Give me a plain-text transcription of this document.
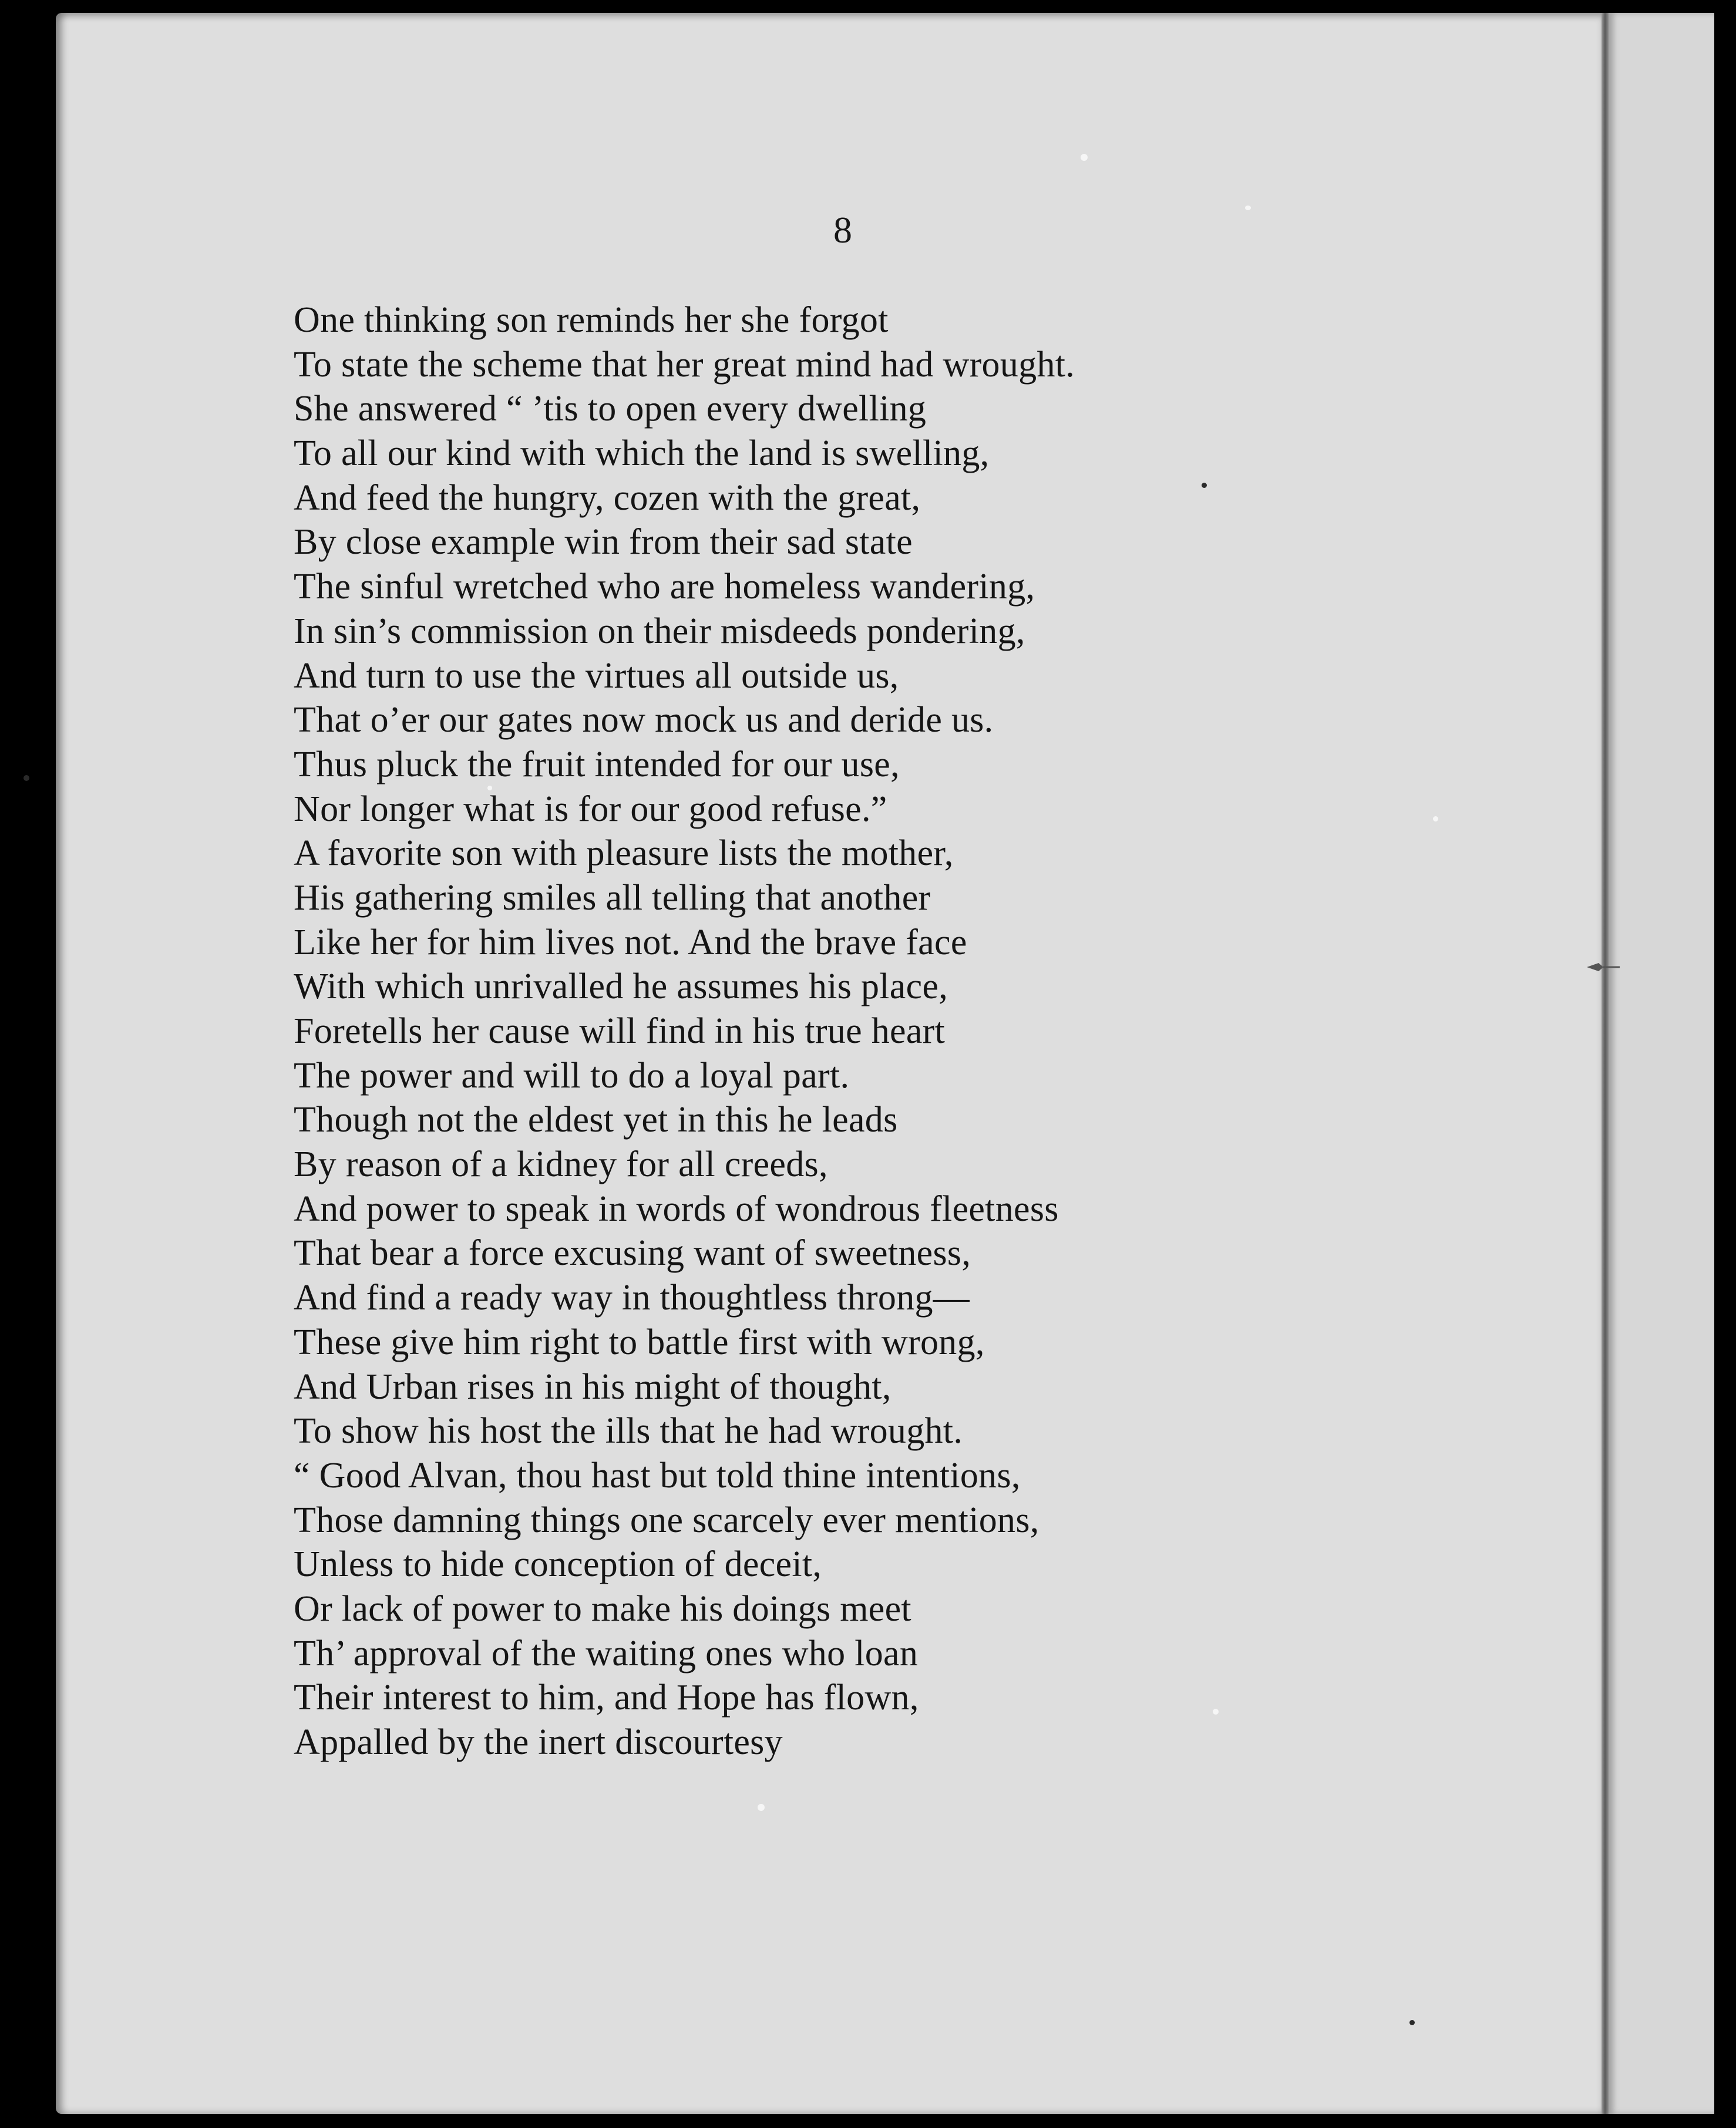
8
One thinking son reminds her she forgot
To state the scheme that her great mind had wrought.
She answered “ ’tis to open every dwelling
To all our kind with which the land is swelling,
And feed the hungry, cozen with the great,
By close example win from their sad state
The sinful wretched who are homeless wandering,
In sin’s commission on their misdeeds pondering,
And turn to use the virtues all outside us,
That o’er our gates now mock us and deride us.
Thus pluck the fruit intended for our use,
Nor longer what is for our good refuse.”
A favorite son with pleasure lists the mother,
His gathering smiles all telling that another
Like her for him lives not. And the brave face
With which unrivalled he assumes his place,
Foretells her cause will find in his true heart
The power and will to do a loyal part.
Though not the eldest yet in this he leads
By reason of a kidney for all creeds,
And power to speak in words of wondrous fleetness
That bear a force excusing want of sweetness,
And find a ready way in thoughtless throng—
These give him right to battle first with wrong,
And Urban rises in his might of thought,
To show his host the ills that he had wrought.
“ Good Alvan, thou hast but told thine intentions,
Those damning things one scarcely ever mentions,
Unless to hide conception of deceit,
Or lack of power to make his doings meet
Th’ approval of the waiting ones who loan
Their interest to him, and Hope has flown,
Appalled by the inert discourtesy
